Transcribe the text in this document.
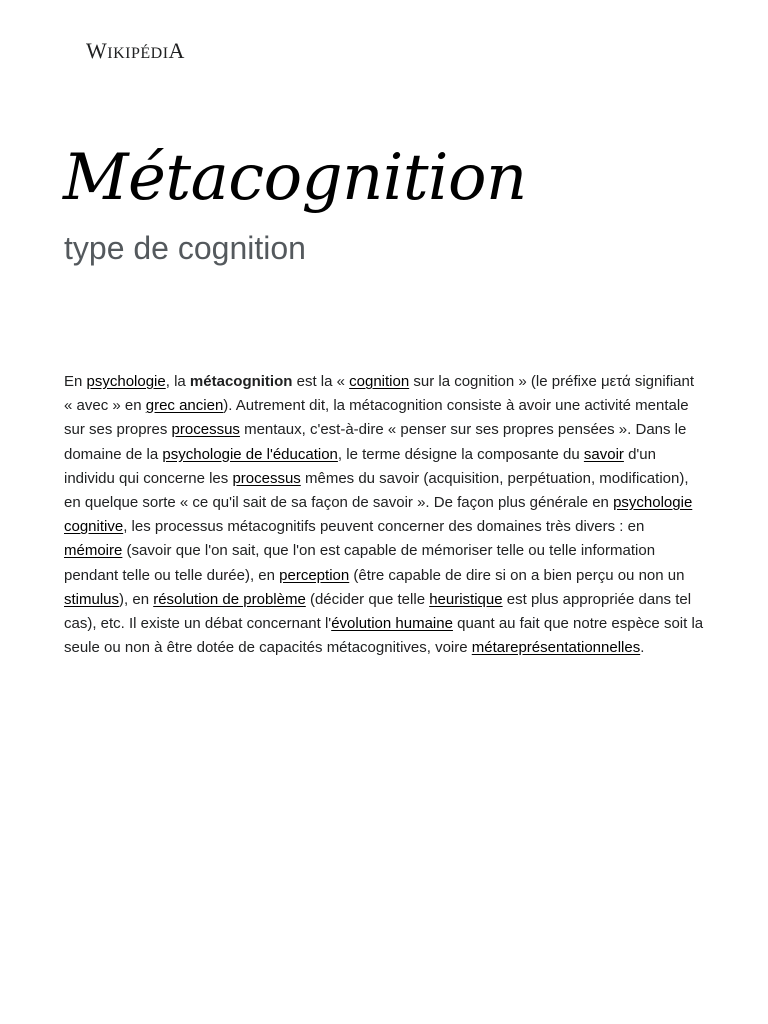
WIKIPÉDIA
Métacognition
type de cognition

En psychologie, la métacognition est la « cognition sur la cognition » (le préfixe μετά signifiant « avec » en grec ancien). Autrement dit, la métacognition consiste à avoir une activité mentale sur ses propres processus mentaux, c'est-à-dire « penser sur ses propres pensées ». Dans le domaine de la psychologie de l'éducation, le terme désigne la composante du savoir d'un individu qui concerne les processus mêmes du savoir (acquisition, perpétuation, modification), en quelque sorte « ce qu'il sait de sa façon de savoir ». De façon plus générale en psychologie cognitive, les processus métacognitifs peuvent concerner des domaines très divers : en mémoire (savoir que l'on sait, que l'on est capable de mémoriser telle ou telle information pendant telle ou telle durée), en perception (être capable de dire si on a bien perçu ou non un stimulus), en résolution de problème (décider que telle heuristique est plus appropriée dans tel cas), etc. Il existe un débat concernant l'évolution humaine quant au fait que notre espèce soit la seule ou non à être dotée de capacités métacognitives, voire métareprésentationnelles.
